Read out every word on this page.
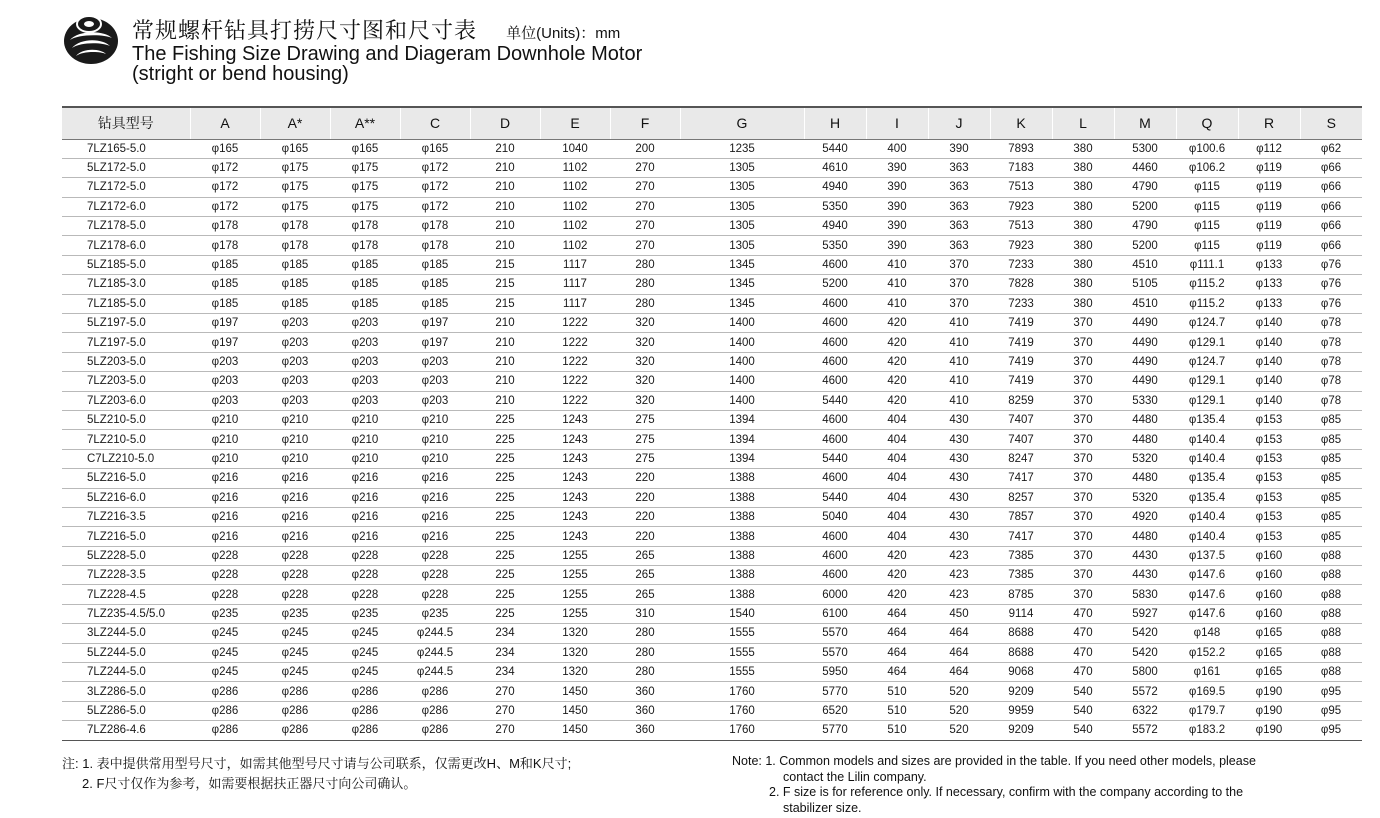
常规螺杆钻具打捞尺寸图和尺寸表 单位(Units)：mm
The Fishing Size Drawing and Diageram Downhole Motor
(stright or bend housing)
钻具型号	A	A*	A**	C	D	E	F	G	H	I	J	K	L	M	Q	R	S
7LZ165-5.0	φ165	φ165	φ165	φ165	210	1040	200	1235	5440	400	390	7893	380	5300	φ100.6	φ112	φ62
5LZ172-5.0	φ172	φ175	φ175	φ172	210	1102	270	1305	4610	390	363	7183	380	4460	φ106.2	φ119	φ66
7LZ172-5.0	φ172	φ175	φ175	φ172	210	1102	270	1305	4940	390	363	7513	380	4790	φ115	φ119	φ66
7LZ172-6.0	φ172	φ175	φ175	φ172	210	1102	270	1305	5350	390	363	7923	380	5200	φ115	φ119	φ66
7LZ178-5.0	φ178	φ178	φ178	φ178	210	1102	270	1305	4940	390	363	7513	380	4790	φ115	φ119	φ66
7LZ178-6.0	φ178	φ178	φ178	φ178	210	1102	270	1305	5350	390	363	7923	380	5200	φ115	φ119	φ66
5LZ185-5.0	φ185	φ185	φ185	φ185	215	1117	280	1345	4600	410	370	7233	380	4510	φ111.1	φ133	φ76
7LZ185-3.0	φ185	φ185	φ185	φ185	215	1117	280	1345	5200	410	370	7828	380	5105	φ115.2	φ133	φ76
7LZ185-5.0	φ185	φ185	φ185	φ185	215	1117	280	1345	4600	410	370	7233	380	4510	φ115.2	φ133	φ76
5LZ197-5.0	φ197	φ203	φ203	φ197	210	1222	320	1400	4600	420	410	7419	370	4490	φ124.7	φ140	φ78
7LZ197-5.0	φ197	φ203	φ203	φ197	210	1222	320	1400	4600	420	410	7419	370	4490	φ129.1	φ140	φ78
5LZ203-5.0	φ203	φ203	φ203	φ203	210	1222	320	1400	4600	420	410	7419	370	4490	φ124.7	φ140	φ78
7LZ203-5.0	φ203	φ203	φ203	φ203	210	1222	320	1400	4600	420	410	7419	370	4490	φ129.1	φ140	φ78
7LZ203-6.0	φ203	φ203	φ203	φ203	210	1222	320	1400	5440	420	410	8259	370	5330	φ129.1	φ140	φ78
5LZ210-5.0	φ210	φ210	φ210	φ210	225	1243	275	1394	4600	404	430	7407	370	4480	φ135.4	φ153	φ85
7LZ210-5.0	φ210	φ210	φ210	φ210	225	1243	275	1394	4600	404	430	7407	370	4480	φ140.4	φ153	φ85
C7LZ210-5.0	φ210	φ210	φ210	φ210	225	1243	275	1394	5440	404	430	8247	370	5320	φ140.4	φ153	φ85
5LZ216-5.0	φ216	φ216	φ216	φ216	225	1243	220	1388	4600	404	430	7417	370	4480	φ135.4	φ153	φ85
5LZ216-6.0	φ216	φ216	φ216	φ216	225	1243	220	1388	5440	404	430	8257	370	5320	φ135.4	φ153	φ85
7LZ216-3.5	φ216	φ216	φ216	φ216	225	1243	220	1388	5040	404	430	7857	370	4920	φ140.4	φ153	φ85
7LZ216-5.0	φ216	φ216	φ216	φ216	225	1243	220	1388	4600	404	430	7417	370	4480	φ140.4	φ153	φ85
5LZ228-5.0	φ228	φ228	φ228	φ228	225	1255	265	1388	4600	420	423	7385	370	4430	φ137.5	φ160	φ88
7LZ228-3.5	φ228	φ228	φ228	φ228	225	1255	265	1388	4600	420	423	7385	370	4430	φ147.6	φ160	φ88
7LZ228-4.5	φ228	φ228	φ228	φ228	225	1255	265	1388	6000	420	423	8785	370	5830	φ147.6	φ160	φ88
7LZ235-4.5/5.0	φ235	φ235	φ235	φ235	225	1255	310	1540	6100	464	450	9114	470	5927	φ147.6	φ160	φ88
3LZ244-5.0	φ245	φ245	φ245	φ244.5	234	1320	280	1555	5570	464	464	8688	470	5420	φ148	φ165	φ88
5LZ244-5.0	φ245	φ245	φ245	φ244.5	234	1320	280	1555	5570	464	464	8688	470	5420	φ152.2	φ165	φ88
7LZ244-5.0	φ245	φ245	φ245	φ244.5	234	1320	280	1555	5950	464	464	9068	470	5800	φ161	φ165	φ88
3LZ286-5.0	φ286	φ286	φ286	φ286	270	1450	360	1760	5770	510	520	9209	540	5572	φ169.5	φ190	φ95
5LZ286-5.0	φ286	φ286	φ286	φ286	270	1450	360	1760	6520	510	520	9959	540	6322	φ179.7	φ190	φ95
7LZ286-4.6	φ286	φ286	φ286	φ286	270	1450	360	1760	5770	510	520	9209	540	5572	φ183.2	φ190	φ95
注: 1. 表中提供常用型号尺寸，如需其他型号尺寸请与公司联系，仅需更改H、M和K尺寸;
2. F尺寸仅作为参考，如需要根据扶正器尺寸向公司确认。
Note: 1. Common models and sizes are provided in the table. If you need other models, please
contact the Lilin company.
2. F size is for reference only. If necessary, confirm with the company according to the
stabilizer size.
